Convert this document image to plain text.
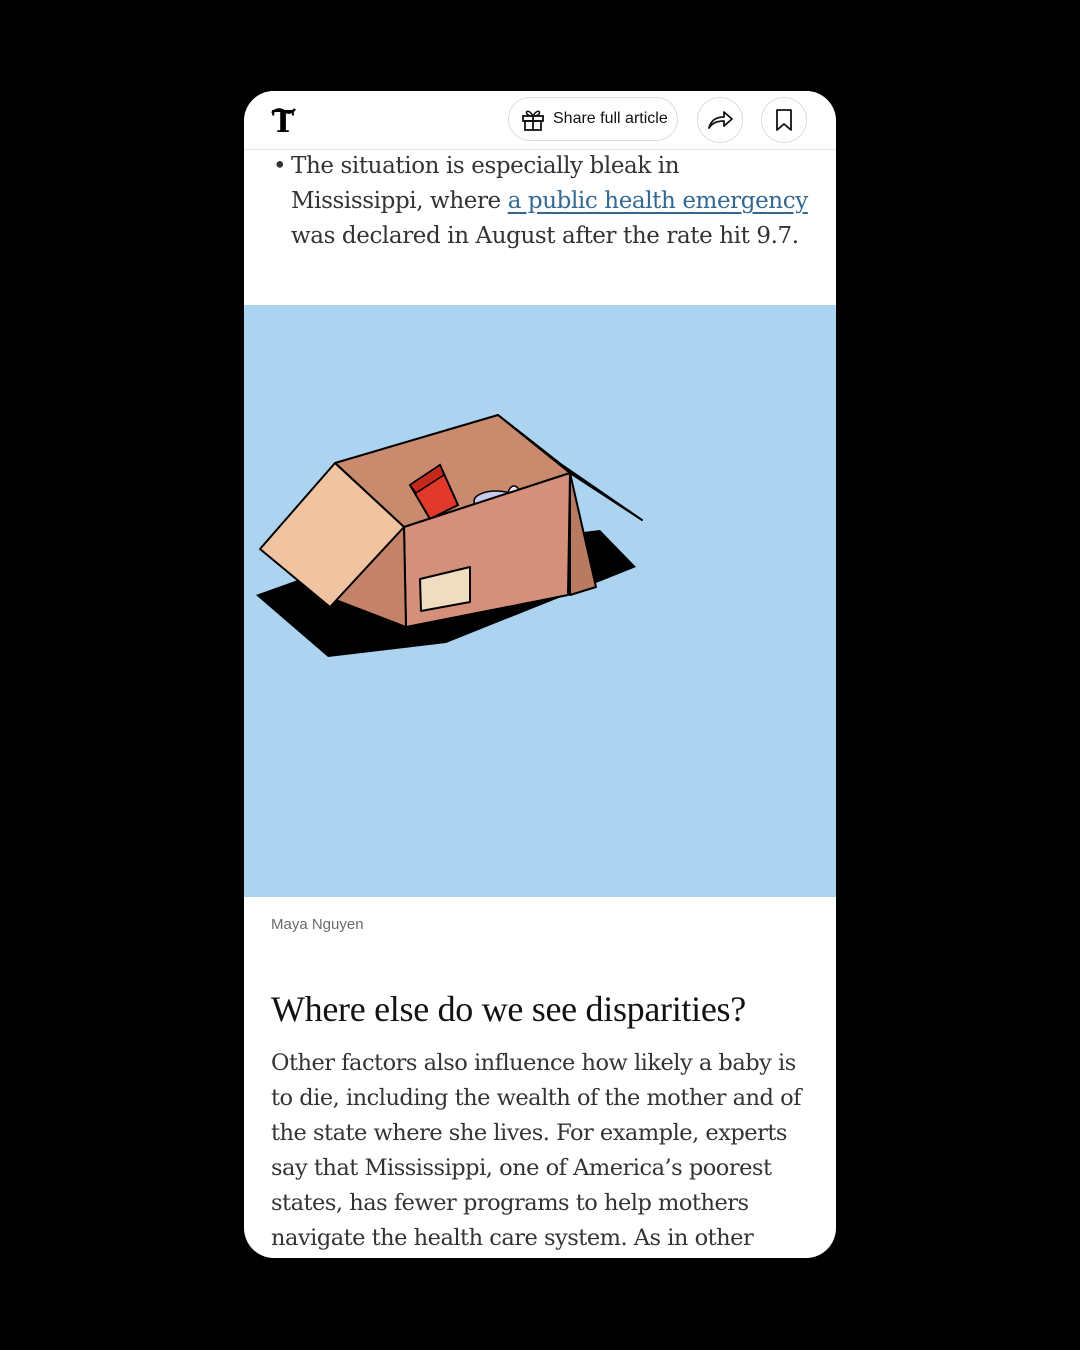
• The situation is especially bleak in Mississippi, where a public health emergency was declared in August after the rate hit 9.7.
Maya Nguyen
Where else do we see disparities?

Other factors also influence how likely a baby is to die, including the wealth of the mother and of the state where she lives. For example, experts say that Mississippi, one of America’s poorest states, has fewer programs to help mothers navigate the health care system. As in other

T	Share full article
